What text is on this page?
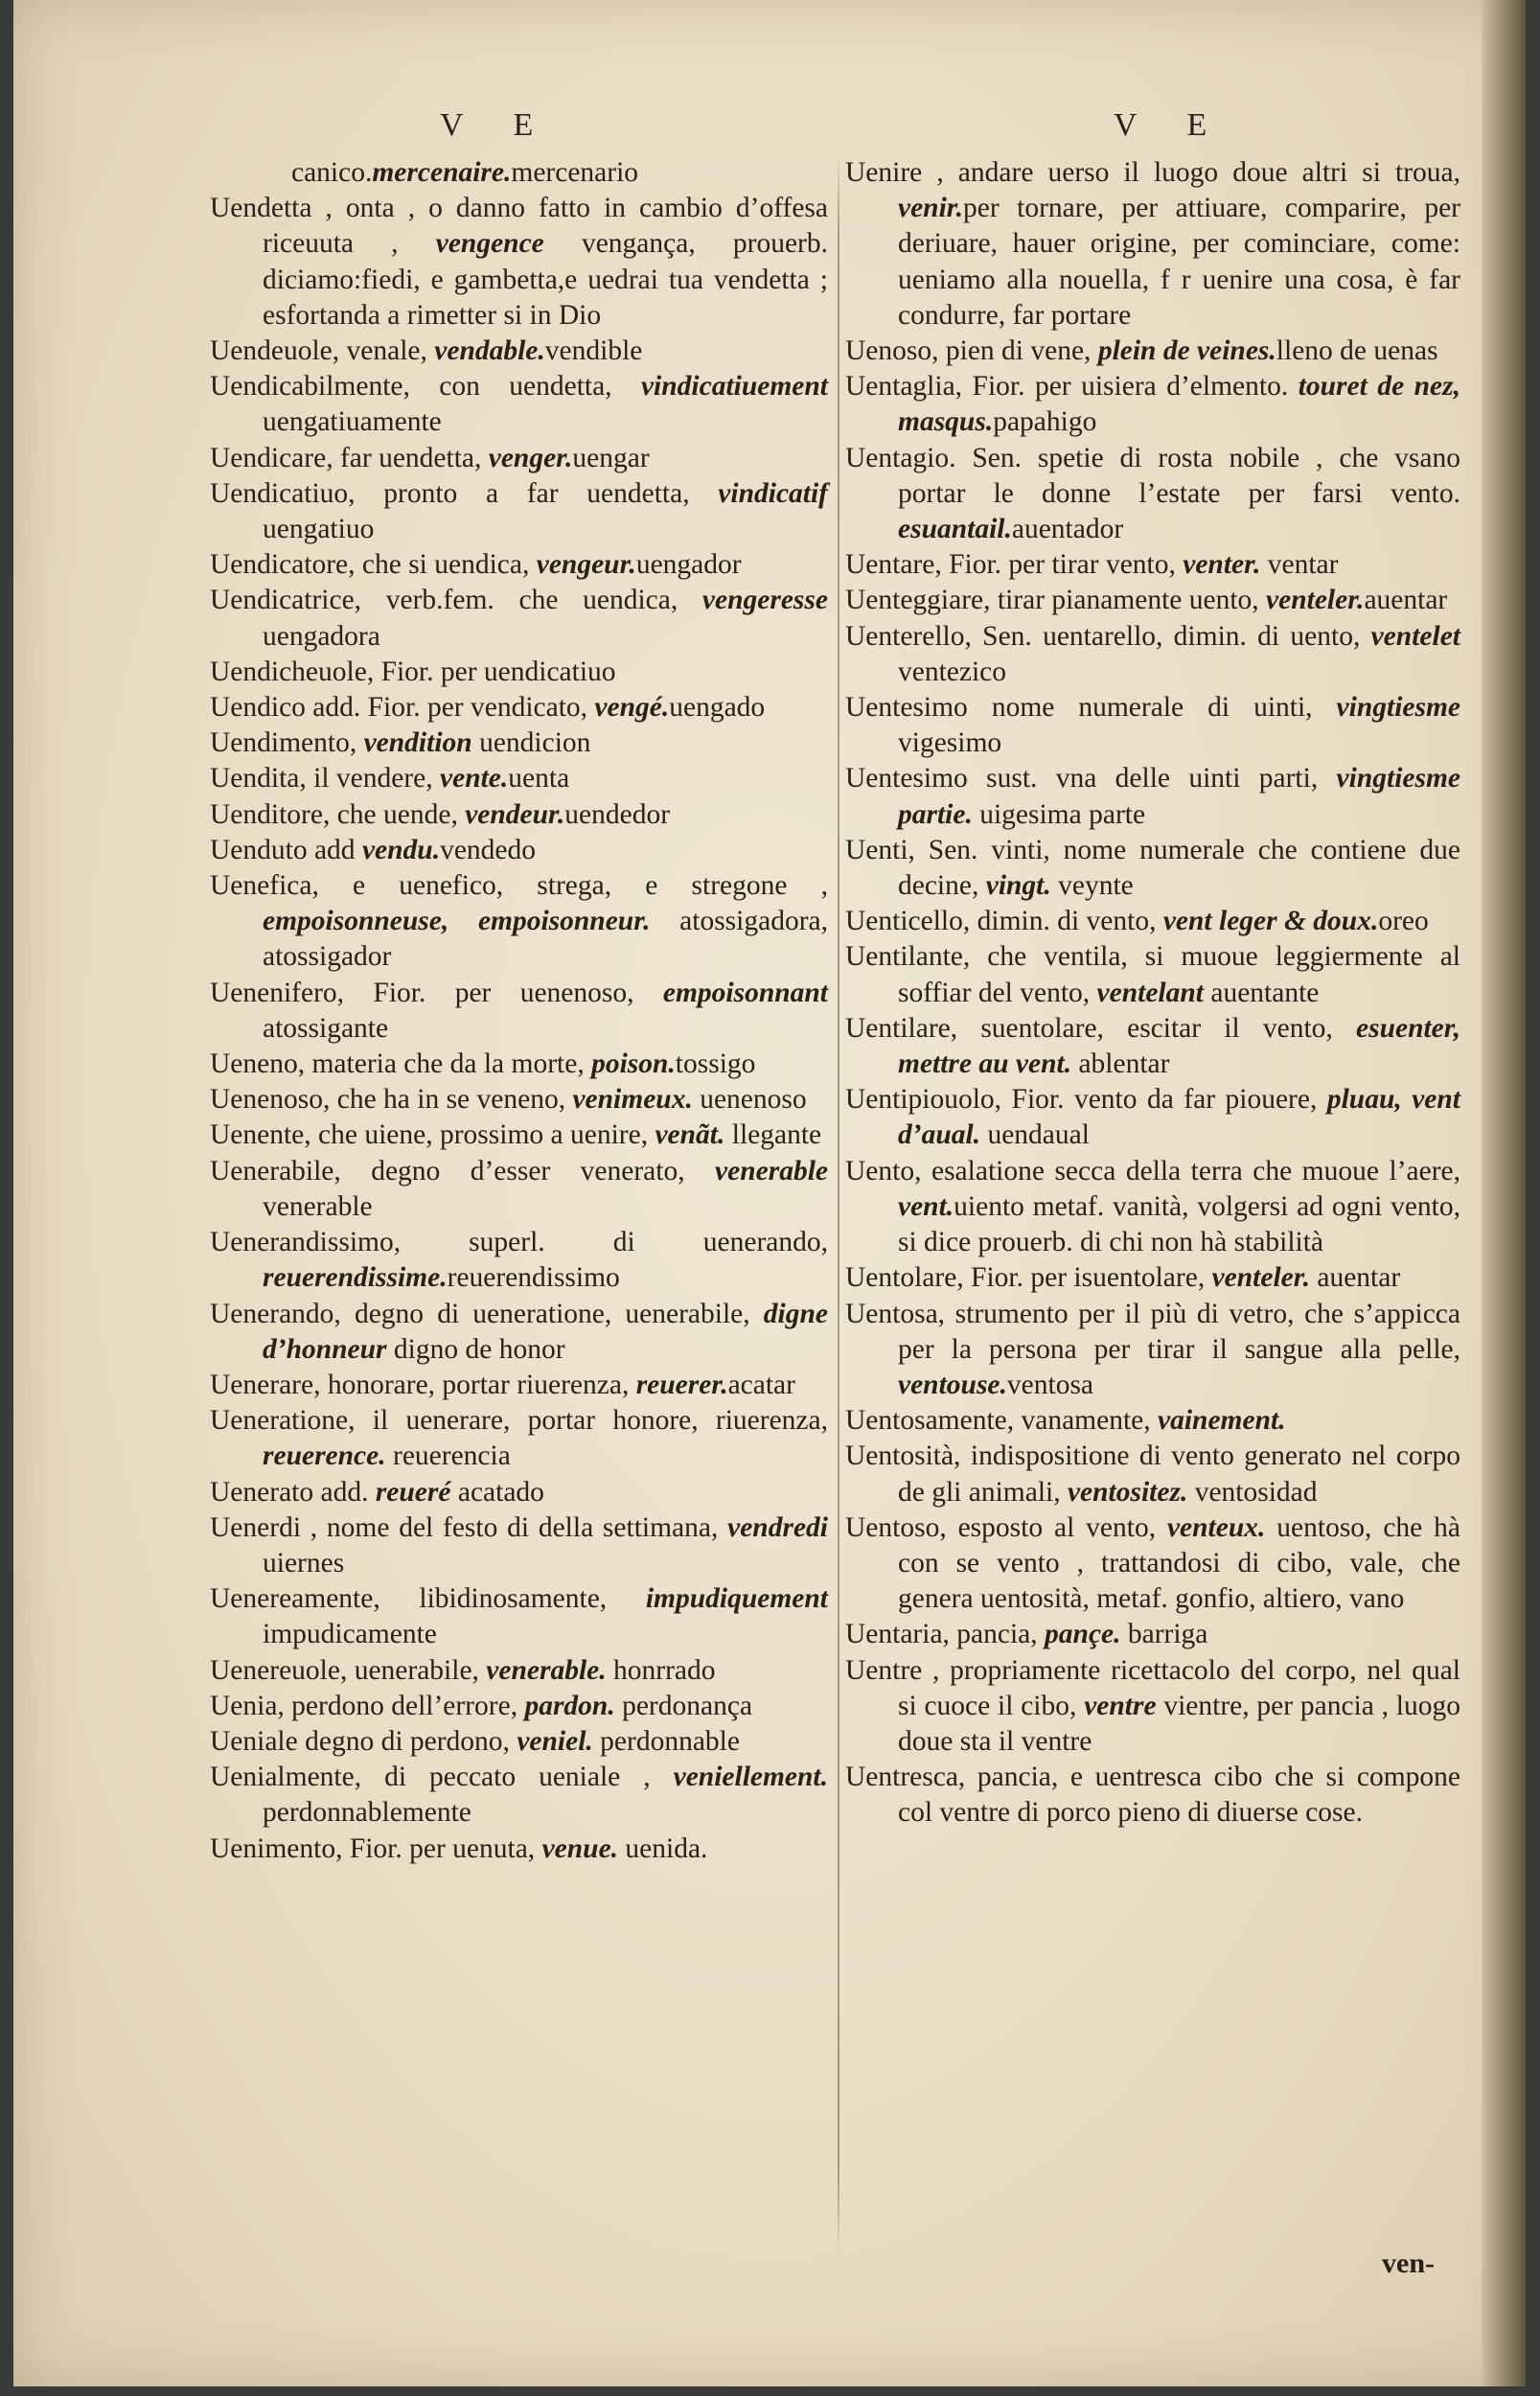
V E	V E

canico.mercenaire.mercenario

Uendetta , onta , o danno fatto in cambio d’offesa riceuuta , vengence vengança, prouerb. diciamo:fiedi, e gambetta,e uedrai tua vendetta ; esfortanda a rimetter si in Dio

Uendeuole, venale, vendable.vendible

Uendicabilmente, con uendetta, vindicatiuement uengatiuamente

Uendicare, far uendetta, venger.uengar

Uendicatiuo, pronto a far uendetta, vindicatif uengatiuo

Uendicatore, che si uendica, vengeur.uengador

Uendicatrice, verb.fem. che uendica, vengeresse uengadora

Uendicheuole, Fior. per uendicatiuo

Uendico add. Fior. per vendicato, vengé.uengado

Uendimento, vendition uendicion

Uendita, il vendere, vente.uenta

Uenditore, che uende, vendeur.uendedor

Uenduto add vendu.vendedo

Uenefica, e uenefico, strega, e stregone , empoisonneuse, empoisonneur. atossigadora, atossigador

Uenenifero, Fior. per uenenoso, empoisonnant atossigante

Ueneno, materia che da la morte, poison.tossigo

Uenenoso, che ha in se veneno, venimeux. uenenoso

Uenente, che uiene, prossimo a uenire, venãt. llegante

Uenerabile, degno d’esser venerato, venerable venerable

Uenerandissimo, superl. di uenerando, reuerendissime.reuerendissimo

Uenerando, degno di ueneratione, uenerabile, digne d’honneur digno de honor

Uenerare, honorare, portar riuerenza, reuerer.acatar

Ueneratione, il uenerare, portar honore, riuerenza, reuerence. reuerencia

Uenerato add. reueré acatado

Uenerdi , nome del festo di della settimana, vendredi uiernes

Uenereamente, libidinosamente, impudiquement impudicamente

Uenereuole, uenerabile, venerable. honrrado

Uenia, perdono dell’errore, pardon. perdonança

Ueniale degno di perdono, veniel. perdonnable

Uenialmente, di peccato ueniale , veniellement. perdonnablemente

Uenimento, Fior. per uenuta, venue. uenida.

Uenire , andare uerso il luogo doue altri si troua, venir.per tornare, per attiuare, comparire, per deriuare, hauer origine, per cominciare, come: ueniamo alla nouella, f r uenire una cosa, è far condurre, far portare

Uenoso, pien di vene, plein de veines.lleno de uenas

Uentaglia, Fior. per uisiera d’elmento. touret de nez, masqus.papahigo

Uentagio. Sen. spetie di rosta nobile , che vsano portar le donne l’estate per farsi vento. esuantail.auentador

Uentare, Fior. per tirar vento, venter. ventar

Uenteggiare, tirar pianamente uento, venteler.auentar

Uenterello, Sen. uentarello, dimin. di uento, ventelet ventezico

Uentesimo nome numerale di uinti, vingtiesme vigesimo

Uentesimo sust. vna delle uinti parti, vingtiesme partie. uigesima parte

Uenti, Sen. vinti, nome numerale che contiene due decine, vingt. veynte

Uenticello, dimin. di vento, vent leger & doux.oreo

Uentilante, che ventila, si muoue leggiermente al soffiar del vento, ventelant auentante

Uentilare, suentolare, escitar il vento, esuenter, mettre au vent. ablentar

Uentipiouolo, Fior. vento da far piouere, pluau, vent d’aual. uendaual

Uento, esalatione secca della terra che muoue l’aere, vent.uiento metaf. vanità, volgersi ad ogni vento, si dice prouerb. di chi non hà stabilità

Uentolare, Fior. per isuentolare, venteler. auentar

Uentosa, strumento per il più di vetro, che s’appicca per la persona per tirar il sangue alla pelle, ventouse.ventosa

Uentosamente, vanamente, vainement.

Uentosità, indispositione di vento generato nel corpo de gli animali, ventositez. ventosidad

Uentoso, esposto al vento, venteux. uentoso, che hà con se vento , trattandosi di cibo, vale, che genera uentosità, metaf. gonfio, altiero, vano

Uentaria, pancia, pançe. barriga

Uentre , propriamente ricettacolo del corpo, nel qual si cuoce il cibo, ventre vientre, per pancia , luogo doue sta il ventre

Uentresca, pancia, e uentresca cibo che si compone col ventre di porco pieno di diuerse cose.

ven-
